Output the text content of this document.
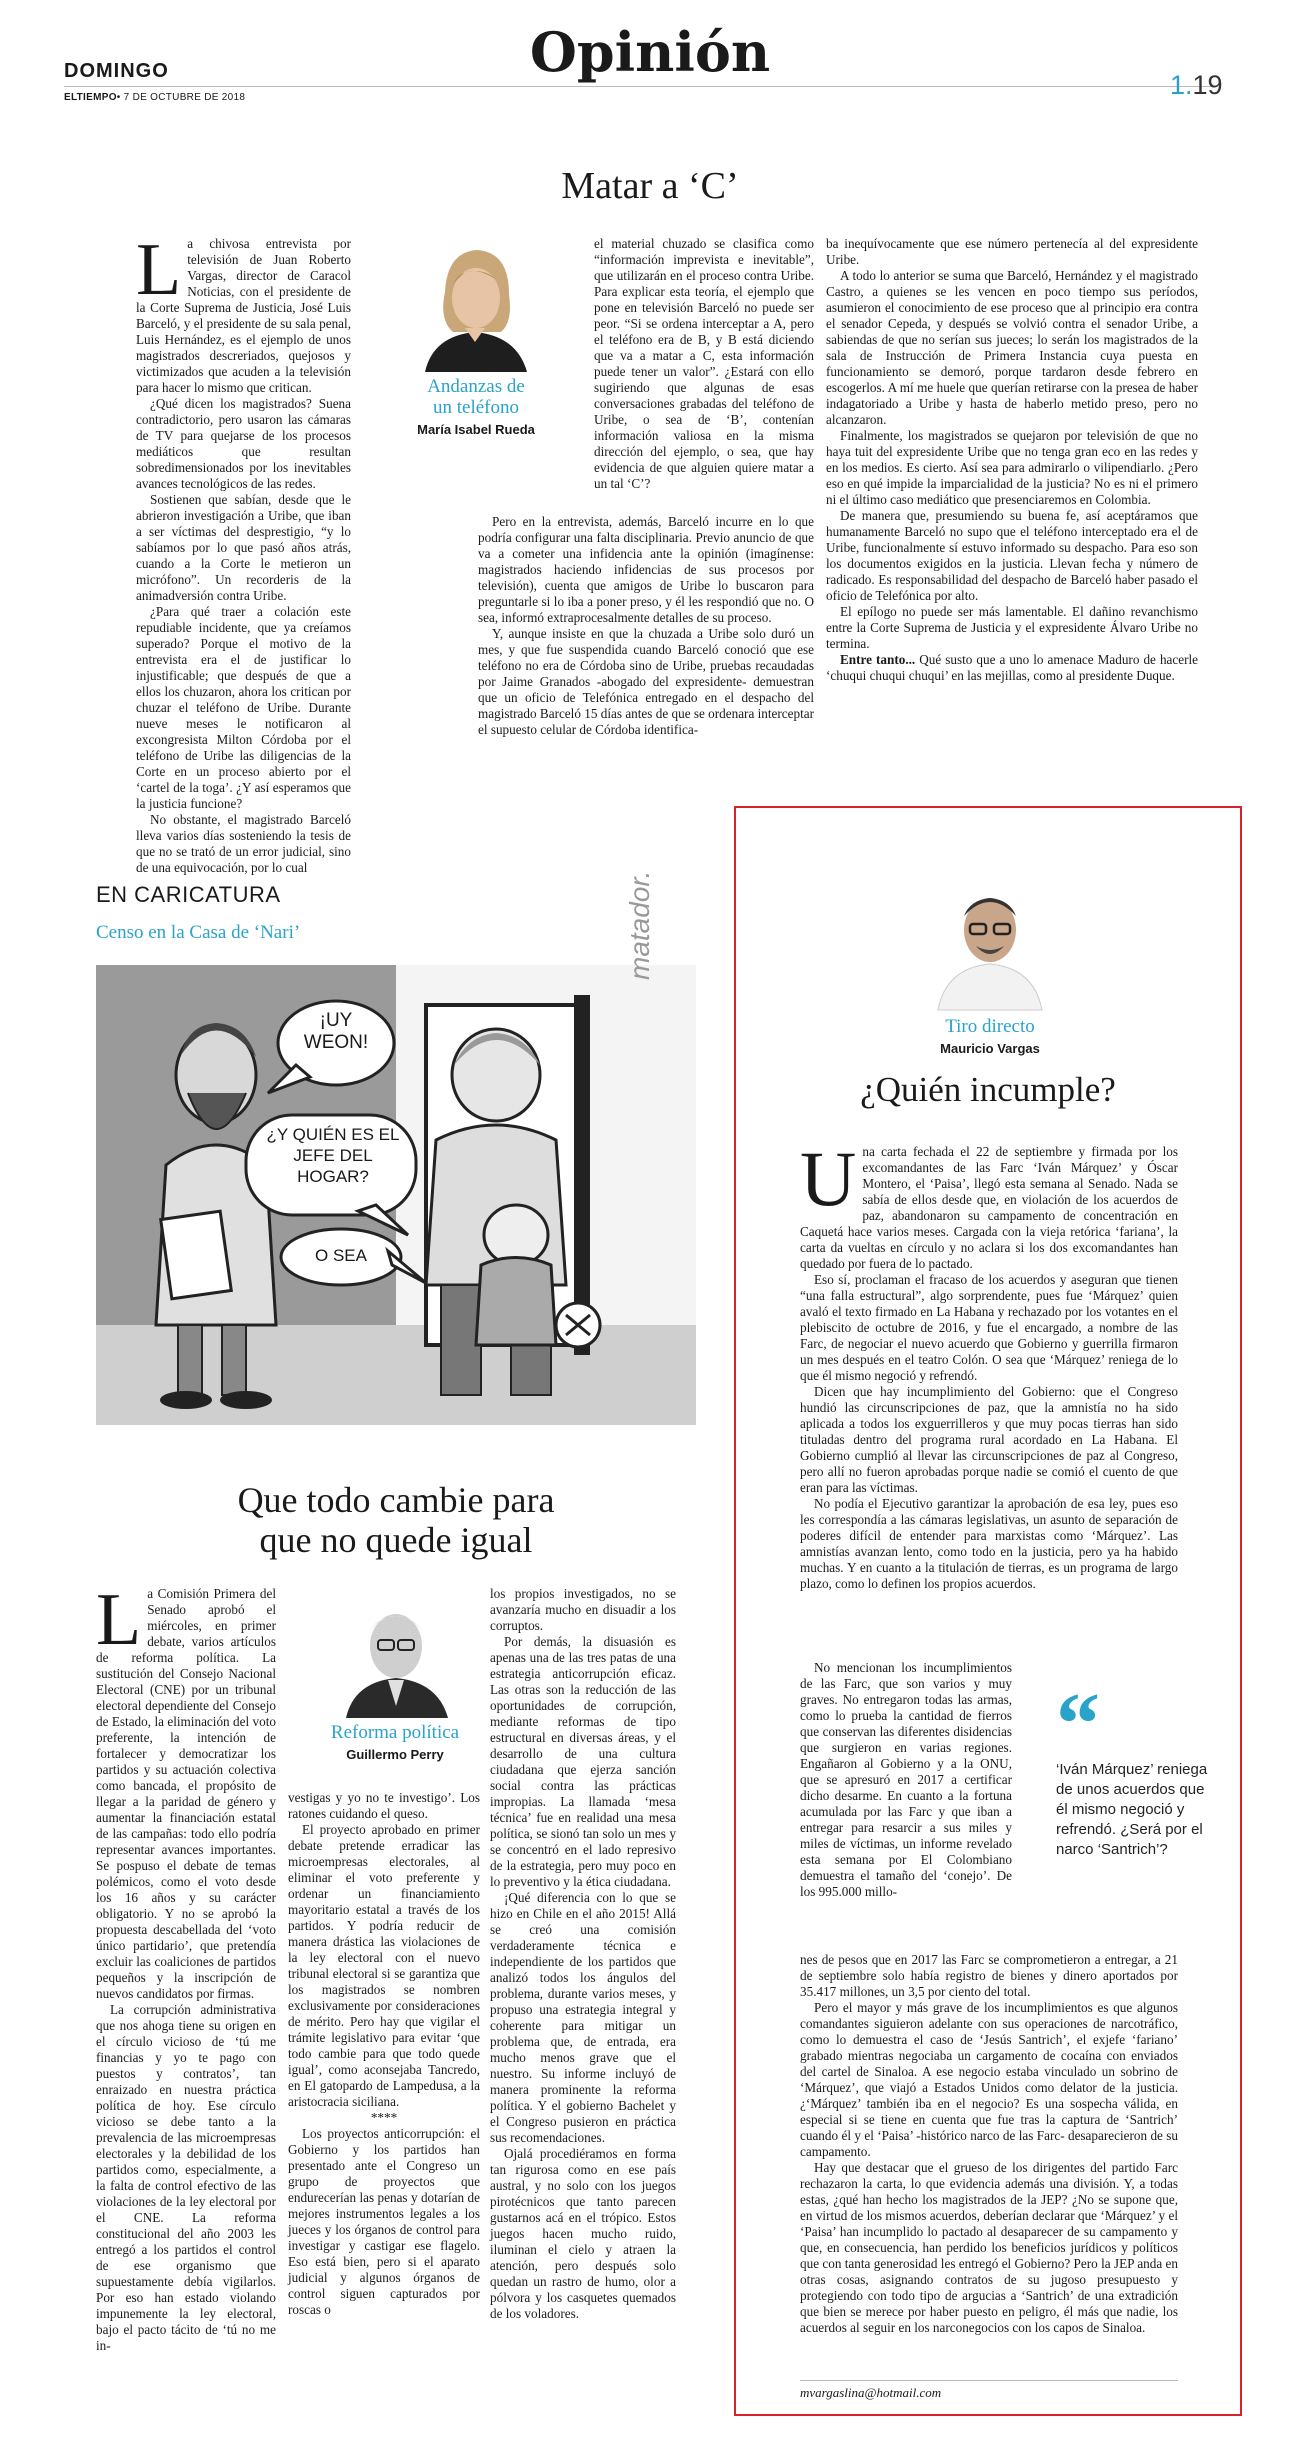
DOMINGO
ELTIEMPO• 7 DE OCTUBRE DE 2018
Opinión
1.19
Matar a ‘C’
Andanzas de
un teléfono
María Isabel Rueda

La chivosa entrevista por televisión de Juan Roberto Vargas, director de Caracol Noticias, con el presidente de la Corte Suprema de Justicia, José Luis Barceló, y el presidente de su sala penal, Luis Hernández, es el ejemplo de unos magistrados descreriados, quejosos y victimizados que acuden a la televisión para hacer lo mismo que critican.

¿Qué dicen los magistrados? Suena contradictorio, pero usaron las cámaras de TV para quejarse de los procesos mediáticos que resultan sobredimensionados por los inevitables avances tecnológicos de las redes.

Sostienen que sabían, desde que le abrieron investigación a Uribe, que iban a ser víctimas del desprestigio, “y lo sabíamos por lo que pasó años atrás, cuando a la Corte le metieron un micrófono”. Un recorderis de la animadversión contra Uribe.

¿Para qué traer a colación este repudiable incidente, que ya creíamos superado? Porque el motivo de la entrevista era el de justificar lo injustificable; que después de que a ellos los chuzaron, ahora los critican por chuzar el teléfono de Uribe. Durante nueve meses le notificaron al excongresista Milton Córdoba por el teléfono de Uribe las diligencias de la Corte en un proceso abierto por el ‘cartel de la toga’. ¿Y así esperamos que la justicia funcione?

No obstante, el magistrado Barceló lleva varios días sosteniendo la tesis de que no se trató de un error judicial, sino de una equivocación, por lo cual

el material chuzado se clasifica como “información imprevista e inevitable”, que utilizarán en el proceso contra Uribe. Para explicar esta teoría, el ejemplo que pone en televisión Barceló no puede ser peor. “Si se ordena interceptar a A, pero el teléfono era de B, y B está diciendo que va a matar a C, esta información puede tener un valor”. ¿Estará con ello sugiriendo que algunas de esas conversaciones grabadas del teléfono de Uribe, o sea de ‘B’, contenían información valiosa en la misma dirección del ejemplo, o sea, que hay evidencia de que alguien quiere matar a un tal ‘C’?

Pero en la entrevista, además, Barceló incurre en lo que podría configurar una falta disciplinaria. Previo anuncio de que va a cometer una infidencia ante la opinión (imagínense: magistrados haciendo infidencias de sus procesos por televisión), cuenta que amigos de Uribe lo buscaron para preguntarle si lo iba a poner preso, y él les respondió que no. O sea, informó extraprocesalmente detalles de su proceso.

Y, aunque insiste en que la chuzada a Uribe solo duró un mes, y que fue suspendida cuando Barceló conoció que ese teléfono no era de Córdoba sino de Uribe, pruebas recaudadas por Jaime Granados -abogado del expresidente- demuestran que un oficio de Telefónica entregado en el despacho del magistrado Barceló 15 días antes de que se ordenara interceptar el supuesto celular de Córdoba identifica-

ba inequívocamente que ese número pertenecía al del expresidente Uribe.

A todo lo anterior se suma que Barceló, Hernández y el magistrado Castro, a quienes se les vencen en poco tiempo sus períodos, asumieron el conocimiento de ese proceso que al principio era contra el senador Cepeda, y después se volvió contra el senador Uribe, a sabiendas de que no serían sus jueces; lo serán los magistrados de la sala de Instrucción de Primera Instancia cuya puesta en funcionamiento se demoró, porque tardaron desde febrero en escogerlos. A mí me huele que querían retirarse con la presea de haber indagatoriado a Uribe y hasta de haberlo metido preso, pero no alcanzaron.

Finalmente, los magistrados se quejaron por televisión de que no haya tuit del expresidente Uribe que no tenga gran eco en las redes y en los medios. Es cierto. Así sea para admirarlo o vilipendiarlo. ¿Pero eso en qué impide la imparcialidad de la justicia? No es ni el primero ni el último caso mediático que presenciaremos en Colombia.

De manera que, presumiendo su buena fe, así aceptáramos que humanamente Barceló no supo que el teléfono interceptado era el de Uribe, funcionalmente sí estuvo informado su despacho. Para eso son los documentos exigidos en la justicia. Llevan fecha y número de radicado. Es responsabilidad del despacho de Barceló haber pasado el oficio de Telefónica por alto.

El epílogo no puede ser más lamentable. El dañino revanchismo entre la Corte Suprema de Justicia y el expresidente Álvaro Uribe no termina.

Entre tanto... Qué susto que a uno lo amenace Maduro de hacerle ‘chuqui chuqui chuqui’ en las mejillas, como al presidente Duque.

EN CARICATURA
Censo en la Casa de ‘Nari’
¡UY WEON!
¿Y QUIÉN ES EL JEFE DEL HOGAR?
O SEA
matador.
Que todo cambie para
que no quede igual
Reforma política
Guillermo Perry

La Comisión Primera del Senado aprobó el miércoles, en primer debate, varios artículos de reforma política. La sustitución del Consejo Nacional Electoral (CNE) por un tribunal electoral dependiente del Consejo de Estado, la eliminación del voto preferente, la intención de fortalecer y democratizar los partidos y su actuación colectiva como bancada, el propósito de llegar a la paridad de género y aumentar la financiación estatal de las campañas: todo ello podría representar avances importantes. Se pospuso el debate de temas polémicos, como el voto desde los 16 años y su carácter obligatorio. Y no se aprobó la propuesta descabellada del ‘voto único partidario’, que pretendía excluir las coaliciones de partidos pequeños y la inscripción de nuevos candidatos por firmas.

La corrupción administrativa que nos ahoga tiene su origen en el círculo vicioso de ‘tú me financias y yo te pago con puestos y contratos’, tan enraizado en nuestra práctica política de hoy. Ese círculo vicioso se debe tanto a la prevalencia de las microempresas electorales y la debilidad de los partidos como, especialmente, a la falta de control efectivo de las violaciones de la ley electoral por el CNE. La reforma constitucional del año 2003 les entregó a los partidos el control de ese organismo que supuestamente debía vigilarlos. Por eso han estado violando impunemente la ley electoral, bajo el pacto tácito de ‘tú no me in-

vestigas y yo no te investigo’. Los ratones cuidando el queso.

El proyecto aprobado en primer debate pretende erradicar las microempresas electorales, al eliminar el voto preferente y ordenar un financiamiento mayoritario estatal a través de los partidos. Y podría reducir de manera drástica las violaciones de la ley electoral con el nuevo tribunal electoral si se garantiza que los magistrados se nombren exclusivamente por consideraciones de mérito. Pero hay que vigilar el trámite legislativo para evitar ‘que todo cambie para que todo quede igual’, como aconsejaba Tancredo, en El gatopardo de Lampedusa, a la aristocracia siciliana.

****

Los proyectos anticorrupción: el Gobierno y los partidos han presentado ante el Congreso un grupo de proyectos que endurecerían las penas y dotarían de mejores instrumentos legales a los jueces y los órganos de control para investigar y castigar ese flagelo. Eso está bien, pero si el aparato judicial y algunos órganos de control siguen capturados por roscas o

los propios investigados, no se avanzaría mucho en disuadir a los corruptos.

Por demás, la disuasión es apenas una de las tres patas de una estrategia anticorrupción eficaz. Las otras son la reducción de las oportunidades de corrupción, mediante reformas de tipo estructural en diversas áreas, y el desarrollo de una cultura ciudadana que ejerza sanción social contra las prácticas impropias. La llamada ‘mesa técnica’ fue en realidad una mesa política, se sionó tan solo un mes y se concentró en el lado represivo de la estrategia, pero muy poco en lo preventivo y la ética ciudadana.

¡Qué diferencia con lo que se hizo en Chile en el año 2015! Allá se creó una comisión verdaderamente técnica e independiente de los partidos que analizó todos los ángulos del problema, durante varios meses, y propuso una estrategia integral y coherente para mitigar un problema que, de entrada, era mucho menos grave que el nuestro. Su informe incluyó de manera prominente la reforma política. Y el gobierno Bachelet y el Congreso pusieron en práctica sus recomendaciones.

Ojalá procediéramos en forma tan rigurosa como en ese país austral, y no solo con los juegos pirotécnicos que tanto parecen gustarnos acá en el trópico. Estos juegos hacen mucho ruido, iluminan el cielo y atraen la atención, pero después solo quedan un rastro de humo, olor a pólvora y los casquetes quemados de los voladores.

Tiro directo
Mauricio Vargas
¿Quién incumple?

Una carta fechada el 22 de septiembre y firmada por los excomandantes de las Farc ‘Iván Márquez’ y Óscar Montero, el ‘Paisa’, llegó esta semana al Senado. Nada se sabía de ellos desde que, en violación de los acuerdos de paz, abandonaron su campamento de concentración en Caquetá hace varios meses. Cargada con la vieja retórica ‘fariana’, la carta da vueltas en círculo y no aclara si los dos excomandantes han quedado por fuera de lo pactado.

Eso sí, proclaman el fracaso de los acuerdos y aseguran que tienen “una falla estructural”, algo sorprendente, pues fue ‘Márquez’ quien avaló el texto firmado en La Habana y rechazado por los votantes en el plebiscito de octubre de 2016, y fue el encargado, a nombre de las Farc, de negociar el nuevo acuerdo que Gobierno y guerrilla firmaron un mes después en el teatro Colón. O sea que ‘Márquez’ reniega de lo que él mismo negoció y refrendó.

Dicen que hay incumplimiento del Gobierno: que el Congreso hundió las circunscripciones de paz, que la amnistía no ha sido aplicada a todos los exguerrilleros y que muy pocas tierras han sido tituladas dentro del programa rural acordado en La Habana. El Gobierno cumplió al llevar las circunscripciones de paz al Congreso, pero allí no fueron aprobadas porque nadie se comió el cuento de que eran para las víctimas.

No podía el Ejecutivo garantizar la aprobación de esa ley, pues eso les correspondía a las cámaras legislativas, un asunto de separación de poderes difícil de entender para marxistas como ‘Márquez’. Las amnistías avanzan lento, como todo en la justicia, pero ya ha habido muchas. Y en cuanto a la titulación de tierras, es un programa de largo plazo, como lo definen los propios acuerdos.

No mencionan los incumplimientos de las Farc, que son varios y muy graves. No entregaron todas las armas, como lo prueba la cantidad de fierros que conservan las diferentes disidencias que surgieron en varias regiones. Engañaron al Gobierno y a la ONU, que se apresuró en 2017 a certificar dicho desarme. En cuanto a la fortuna acumulada por las Farc y que iban a entregar para resarcir a sus miles y miles de víctimas, un informe revelado esta semana por El Colombiano demuestra el tamaño del ‘conejo’. De los 995.000 millo-

“
‘Iván Márquez’ reniega de unos acuerdos que él mismo negoció y refrendó. ¿Será por el narco ‘Santrich’?

nes de pesos que en 2017 las Farc se comprometieron a entregar, a 21 de septiembre solo había registro de bienes y dinero aportados por 35.417 millones, un 3,5 por ciento del total.

Pero el mayor y más grave de los incumplimientos es que algunos comandantes siguieron adelante con sus operaciones de narcotráfico, como lo demuestra el caso de ‘Jesús Santrich’, el exjefe ‘fariano’ grabado mientras negociaba un cargamento de cocaína con enviados del cartel de Sinaloa. A ese negocio estaba vinculado un sobrino de ‘Márquez’, que viajó a Estados Unidos como delator de la justicia. ¿‘Márquez’ también iba en el negocio? Es una sospecha válida, en especial si se tiene en cuenta que fue tras la captura de ‘Santrich’ cuando él y el ‘Paisa’ -histórico narco de las Farc- desaparecieron de su campamento.

Hay que destacar que el grueso de los dirigentes del partido Farc rechazaron la carta, lo que evidencia además una división. Y, a todas estas, ¿qué han hecho los magistrados de la JEP? ¿No se supone que, en virtud de los mismos acuerdos, deberían declarar que ‘Márquez’ y el ‘Paisa’ han incumplido lo pactado al desaparecer de su campamento y que, en consecuencia, han perdido los beneficios jurídicos y políticos que con tanta generosidad les entregó el Gobierno? Pero la JEP anda en otras cosas, asignando contratos de su jugoso presupuesto y protegiendo con todo tipo de argucias a ‘Santrich’ de una extradición que bien se merece por haber puesto en peligro, él más que nadie, los acuerdos al seguir en los narconegocios con los capos de Sinaloa.

mvargaslina@hotmail.com
